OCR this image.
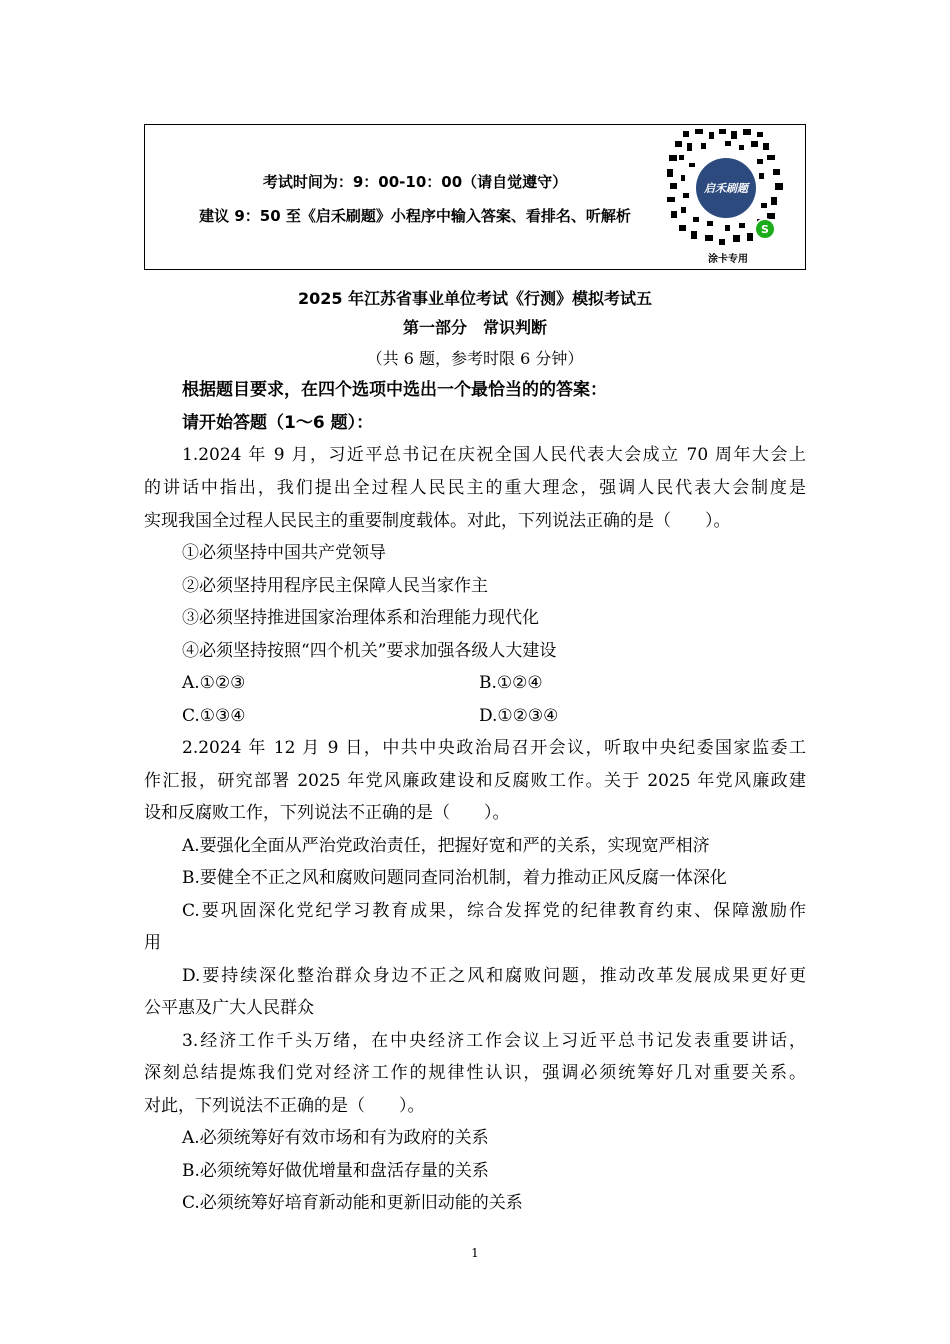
考试时间为：9：00-10：00（请自觉遵守）
建议 9：50 至《启禾刷题》小程序中输入答案、看排名、听解析
启禾刷题
S
涂卡专用
2025 年江苏省事业单位考试《行测》模拟考试五
第一部分　常识判断
（共 6 题，参考时限 6 分钟）
根据题目要求，在四个选项中选出一个最恰当的的答案：
请开始答题（1～6 题）：
1.2024 年 9 月，习近平总书记在庆祝全国人民代表大会成立 70 周年大会上
的讲话中指出，我们提出全过程人民民主的重大理念，强调人民代表大会制度是
实现我国全过程人民民主的重要制度载体。对此，下列说法正确的是（　　）。
①必须坚持中国共产党领导
②必须坚持用程序民主保障人民当家作主
③必须坚持推进国家治理体系和治理能力现代化
④必须坚持按照“四个机关”要求加强各级人大建设
A.①②③	B.①②④
C.①③④	D.①②③④
2.2024 年 12 月 9 日，中共中央政治局召开会议，听取中央纪委国家监委工
作汇报，研究部署 2025 年党风廉政建设和反腐败工作。关于 2025 年党风廉政建
设和反腐败工作，下列说法不正确的是（　　）。
A.要强化全面从严治党政治责任，把握好宽和严的关系，实现宽严相济
B.要健全不正之风和腐败问题同查同治机制，着力推动正风反腐一体深化
C.要巩固深化党纪学习教育成果，综合发挥党的纪律教育约束、保障激励作
用
D.要持续深化整治群众身边不正之风和腐败问题，推动改革发展成果更好更
公平惠及广大人民群众
3.经济工作千头万绪，在中央经济工作会议上习近平总书记发表重要讲话，
深刻总结提炼我们党对经济工作的规律性认识，强调必须统筹好几对重要关系。
对此，下列说法不正确的是（　　）。
A.必须统筹好有效市场和有为政府的关系
B.必须统筹好做优增量和盘活存量的关系
C.必须统筹好培育新动能和更新旧动能的关系
1
